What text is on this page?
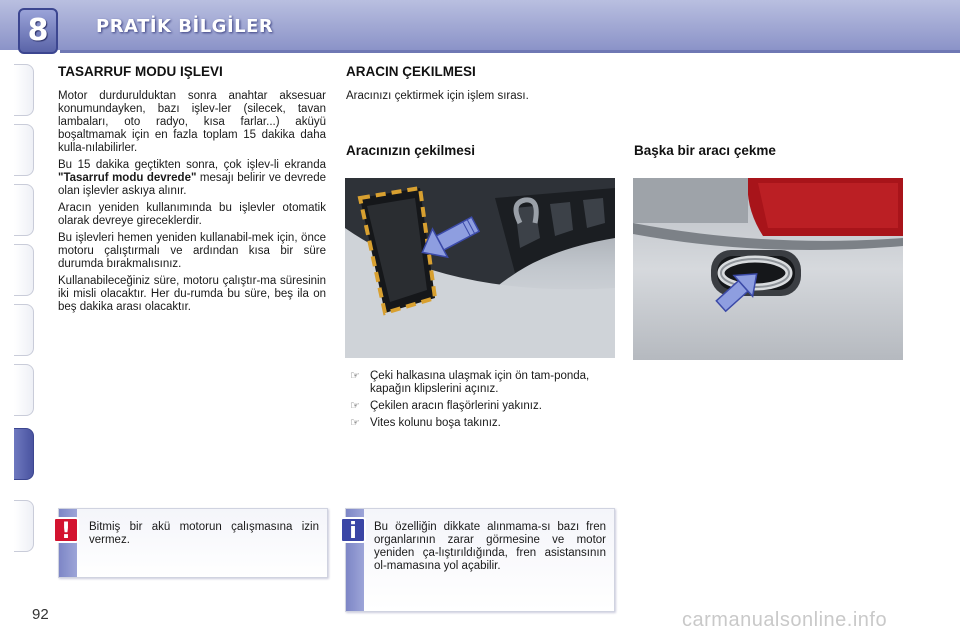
8	PRATİK BİLGİLER
TASARRUF MODU IŞLEVI

Motor durdurulduktan sonra anahtar aksesuar konumundayken, bazı işlev-ler (silecek, tavan lambaları, oto radyo, kısa farlar...) aküyü boşaltmamak için en fazla toplam 15 dakika daha kulla-nılabilirler.

Bu 15 dakika geçtikten sonra, çok işlev-li ekranda "Tasarruf modu devrede" mesajı belirir ve devrede olan işlevler askıya alınır.

Aracın yeniden kullanımında bu işlevler otomatik olarak devreye gireceklerdir.

Bu işlevleri hemen yeniden kullanabil-mek için, önce motoru çalıştırmalı ve ardından kısa bir süre durumda bırakmalısınız.

Kullanabileceğiniz süre, motoru çalıştır-ma süresinin iki misli olacaktır. Her du-rumda bu süre, beş ila on beş dakika arası olacaktır.

ARACIN ÇEKILMESI
Aracınızı çektirmek için işlem sırası.
Aracınızın çekilmesi	Başka bir aracı çekme
☞ Çeki halkasına ulaşmak için ön tam-ponda, kapağın klipslerini açınız.
☞ Çekilen aracın flaşörlerini yakınız.
☞ Vites kolunu boşa takınız.
!	Bitmiş bir akü motorun çalışmasına izin vermez.	i	Bu özelliğin dikkate alınmama-sı bazı fren organlarının zarar görmesine ve motor yeniden ça-lıştırıldığında, fren asistansının ol-mamasına yol açabilir.
92	carmanualsonline.info
